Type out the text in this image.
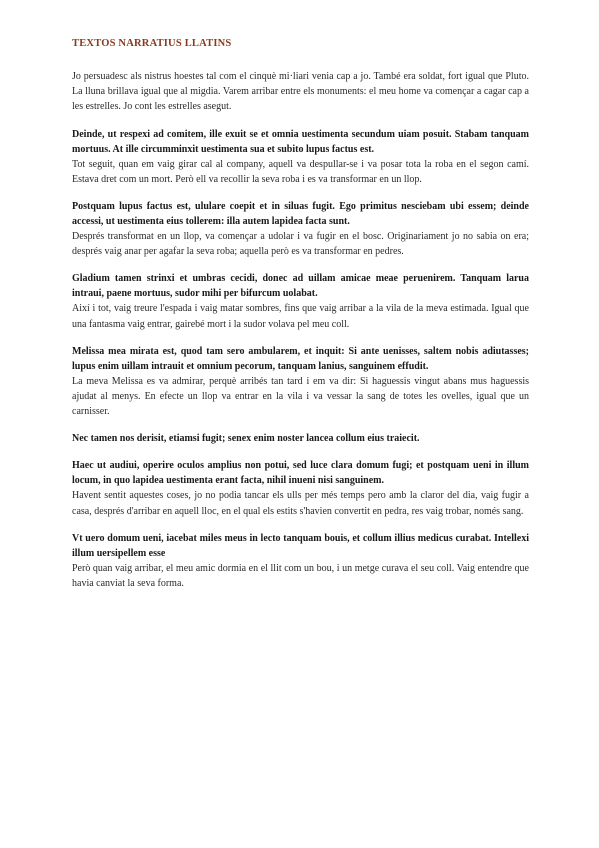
TEXTOS NARRATIUS LLATINS

Jo persuadesc als nistrus hoestes tal com el cinquè mi·liari venia cap a jo. També era soldat, fort igual que Pluto. La lluna brillava igual que al migdia. Varem arribar entre els monuments: el meu home va començar a cagar cap a les estrelles. Jo cont les estrelles asegut.

Deinde, ut respexi ad comitem, ille exuit se et omnia uestimenta secundum uiam posuit. Stabam tanquam mortuus. At ille circumminxit uestimenta sua et subito lupus factus est.

Tot seguit, quan em vaig girar cal al company, aquell va despullar-se i va posar tota la roba en el segon camí. Estava dret com un mort. Però ell va recollir la seva roba i es va transformar en un llop.

Postquam lupus factus est, ululare coepit et in siluas fugit. Ego primitus nesciebam ubi essem; deinde accessi, ut uestimenta eius tollerem: illa autem lapidea facta sunt.

Després transformat en un llop, va començar a udolar i va fugir en el bosc. Originariament jo no sabia on era; després vaig anar per agafar la seva roba; aquella però es va transformar en pedres.

Gladium tamen strinxi et umbras cecidi, donec ad uillam amicae meae peruenirem. Tanquam larua intraui, paene mortuus, sudor mihi per bifurcum uolabat.

Així i tot, vaig treure l'espada i vaig matar sombres, fins que vaig arribar a la vila de la meva estimada. Igual que una fantasma vaig entrar, gairebé mort i la sudor volava pel meu coll.

Melissa mea mirata est, quod tam sero ambularem, et inquit: Si ante uenisses, saltem nobis adiutasses; lupus enim uillam intrauit et omnium pecorum, tanquam lanius, sanguinem effudit.

La meva Melissa es va admirar, perquè arribés tan tard i em va dir: Si haguessis vingut abans mus haguessis ajudat al menys. En efecte un llop va entrar en la vila i va vessar la sang de totes les ovelles, igual que un carnisser.

Nec tamen nos derisit, etiamsi fugit; senex enim noster lancea collum eius traiecit.

Haec ut audiui, operire oculos amplius non potui, sed luce clara domum fugi; et postquam ueni in illum locum, in quo lapidea uestimenta erant facta, nihil inueni nisi sanguinem.

Havent sentit aquestes coses, jo no podia tancar els ulls per més temps pero amb la claror del dia, vaig fugir a casa, després d'arribar en aquell lloc, en el qual els estits s'havien convertit en pedra, res vaig trobar, només sang.

Vt uero domum ueni, iacebat miles meus in lecto tanquam bouis, et collum illius medicus curabat. Intellexi illum uersipellem esse

Però quan vaig arribar, el meu amic dormia en el llit com un bou, i un metge curava el seu coll. Vaig entendre que havia canviat la seva forma.
